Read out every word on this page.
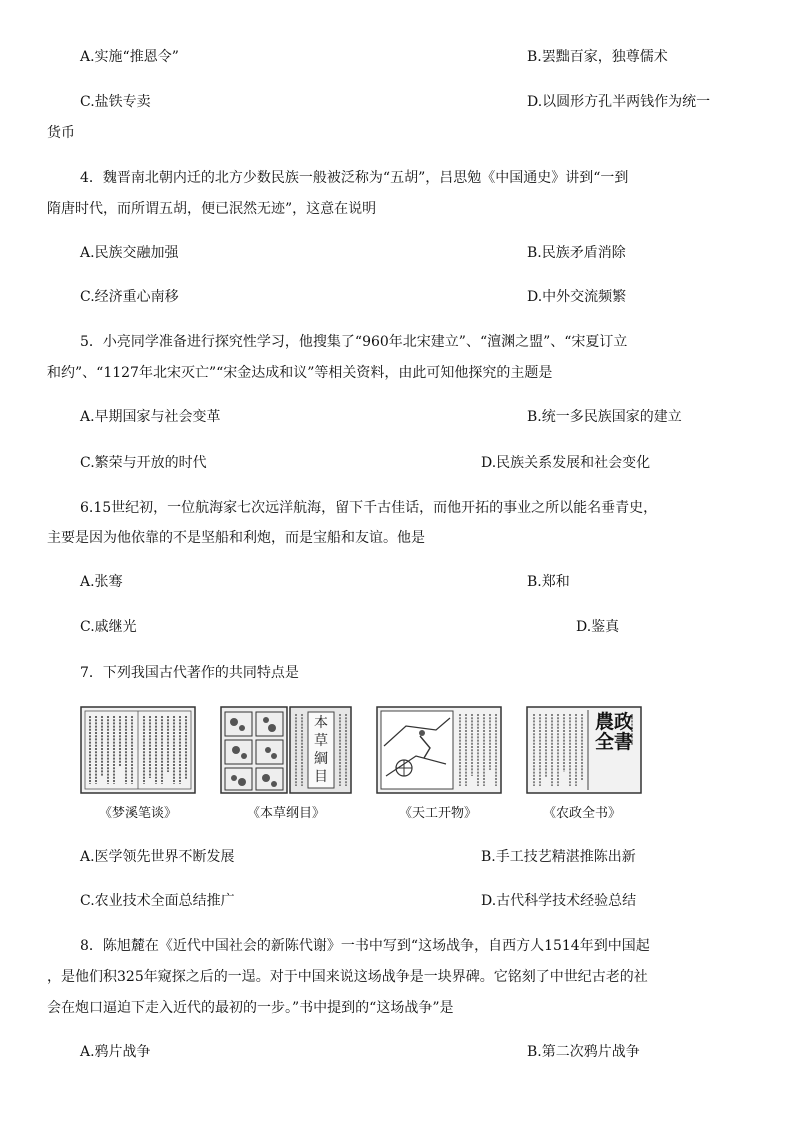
A.实施“推恩令”	B.罢黜百家，独尊儒术
C.盐铁专卖	D.以圆形方孔半两钱作为统一
货币
4．魏晋南北朝内迁的北方少数民族一般被泛称为“五胡”，吕思勉《中国通史》讲到“一到
隋唐时代，而所谓五胡，便已泯然无迹”，这意在说明
A.民族交融加强	B.民族矛盾消除
C.经济重心南移	D.中外交流频繁
5．小亮同学准备进行探究性学习，他搜集了“960年北宋建立”、“澶渊之盟”、“宋夏订立
和约”、“1127年北宋灭亡”“宋金达成和议”等相关资料，由此可知他探究的主题是
A.早期国家与社会变革	B.统一多民族国家的建立
C.繁荣与开放的时代	D.民族关系发展和社会变化
6.15世纪初，一位航海家七次远洋航海，留下千古佳话，而他开拓的事业之所以能名垂青史，
主要是因为他依靠的不是坚船和利炮，而是宝船和友谊。他是
A.张骞	B.郑和
C.戚继光	D.鉴真
7．下列我国古代著作的共同特点是
《梦溪笔谈》
本草綱目
《本草纲目》	《天工开物》
農政全書
《农政全书》
A.医学领先世界不断发展	B.手工技艺精湛推陈出新
C.农业技术全面总结推广	D.古代科学技术经验总结
8．陈旭麓在《近代中国社会的新陈代谢》一书中写到“这场战争，自西方人1514年到中国起
，是他们积325年窥探之后的一逞。对于中国来说这场战争是一块界碑。它铭刻了中世纪古老的社
会在炮口逼迫下走入近代的最初的一步。”书中提到的“这场战争”是
A.鸦片战争	B.第二次鸦片战争
